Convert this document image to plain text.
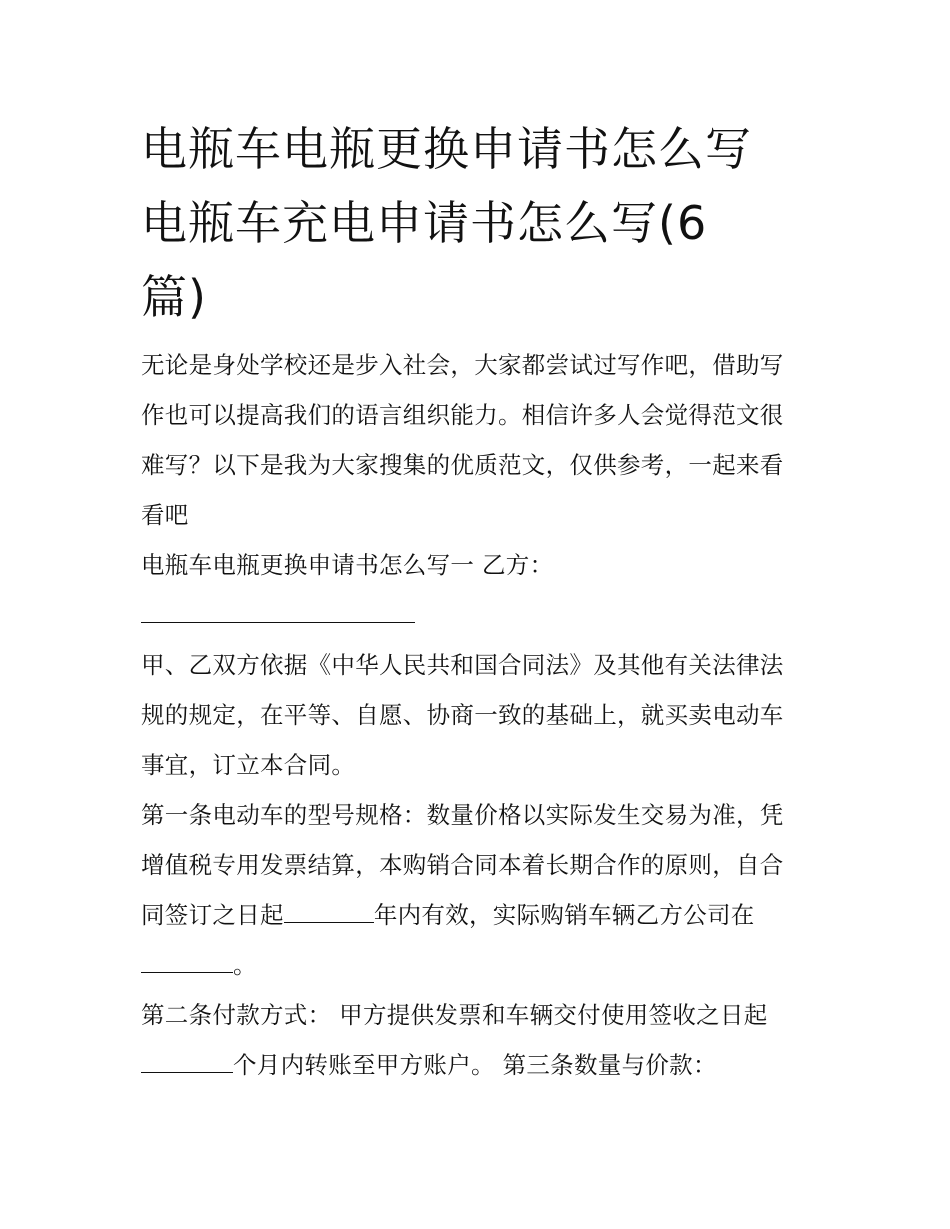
电瓶车电瓶更换申请书怎么写
电瓶车充电申请书怎么写(6
篇)

无论是身处学校还是步入社会，大家都尝试过写作吧，借助写
作也可以提高我们的语言组织能力。相信许多人会觉得范文很
难写？以下是我为大家搜集的优质范文，仅供参考，一起来看
看吧

电瓶车电瓶更换申请书怎么写一 乙方：

甲、乙双方依据《中华人民共和国合同法》及其他有关法律法
规的规定，在平等、自愿、协商一致的基础上，就买卖电动车
事宜，订立本合同。

第一条电动车的型号规格：数量价格以实际发生交易为准，凭
增值税专用发票结算，本购销合同本着长期合作的原则，自合
同签订之日起	年内有效，实际购销车辆乙方公司在
。

第二条付款方式： 甲方提供发票和车辆交付使用签收之日起
个月内转账至甲方账户。 第三条数量与价款：
